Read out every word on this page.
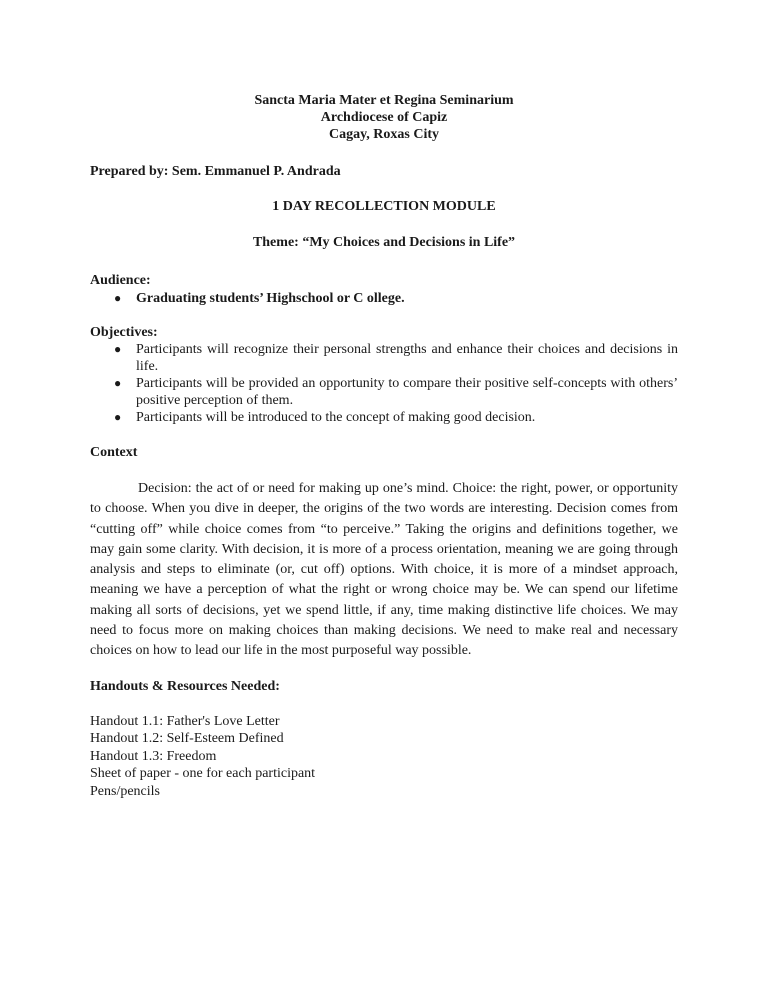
Sancta Maria Mater et Regina Seminarium
Archdiocese of Capiz
Cagay, Roxas City
Prepared by: Sem. Emmanuel P. Andrada
1 DAY RECOLLECTION MODULE
Theme: “My Choices and Decisions in Life”
Audience:
● Graduating students’ Highschool or C ollege.
Objectives:
● Participants will recognize their personal strengths and enhance their choices and decisions in life.
● Participants will be provided an opportunity to compare their positive self-concepts with others’ positive perception of them.
● Participants will be introduced to the concept of making good decision.
Context
Decision: the act of or need for making up one’s mind. Choice: the right, power, or opportunity to choose. When you dive in deeper, the origins of the two words are interesting. Decision comes from “cutting off” while choice comes from “to perceive.” Taking the origins and definitions together, we may gain some clarity. With decision, it is more of a process orientation, meaning we are going through analysis and steps to eliminate (or, cut off) options. With choice, it is more of a mindset approach, meaning we have a perception of what the right or wrong choice may be. We can spend our lifetime making all sorts of decisions, yet we spend little, if any, time making distinctive life choices. We may need to focus more on making choices than making decisions. We need to make real and necessary choices on how to lead our life in the most purposeful way possible.
Handouts & Resources Needed:
Handout 1.1: Father's Love Letter
Handout 1.2: Self-Esteem Defined
Handout 1.3: Freedom
Sheet of paper - one for each participant
Pens/pencils
